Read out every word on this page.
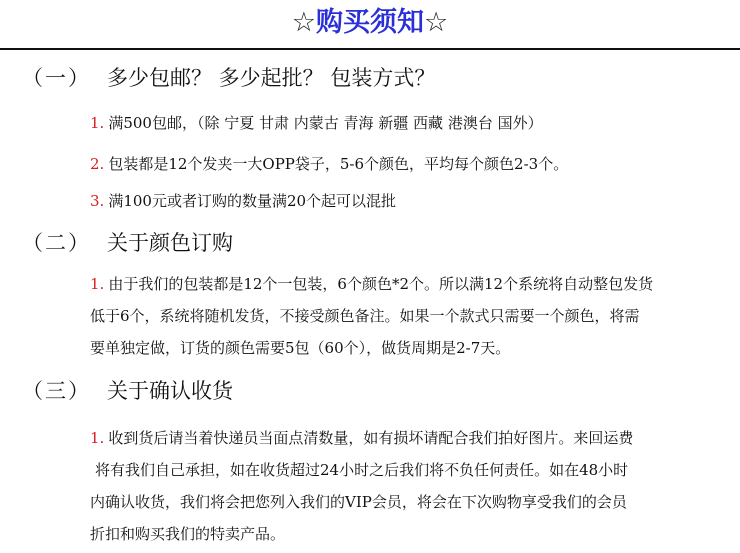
☆购买须知☆
（一） 多少包邮？ 多少起批？ 包装方式？
1. 满500包邮，（除 宁夏 甘肃 内蒙古 青海 新疆 西藏 港澳台 国外）
2. 包装都是12个发夹一大OPP袋子，5-6个颜色，平均每个颜色2-3个。
3. 满100元或者订购的数量满20个起可以混批
（二） 关于颜色订购
1. 由于我们的包装都是12个一包装，6个颜色*2个。所以满12个系统将自动整包发货
低于6个，系统将随机发货，不接受颜色备注。如果一个款式只需要一个颜色，将需
要单独定做，订货的颜色需要5包（60个），做货周期是2-7天。
（三） 关于确认收货
1. 收到货后请当着快递员当面点清数量，如有损坏请配合我们拍好图片。来回运费
将有我们自己承担，如在收货超过24小时之后我们将不负任何责任。如在48小时
内确认收货，我们将会把您列入我们的VIP会员，将会在下次购物享受我们的会员
折扣和购买我们的特卖产品。
